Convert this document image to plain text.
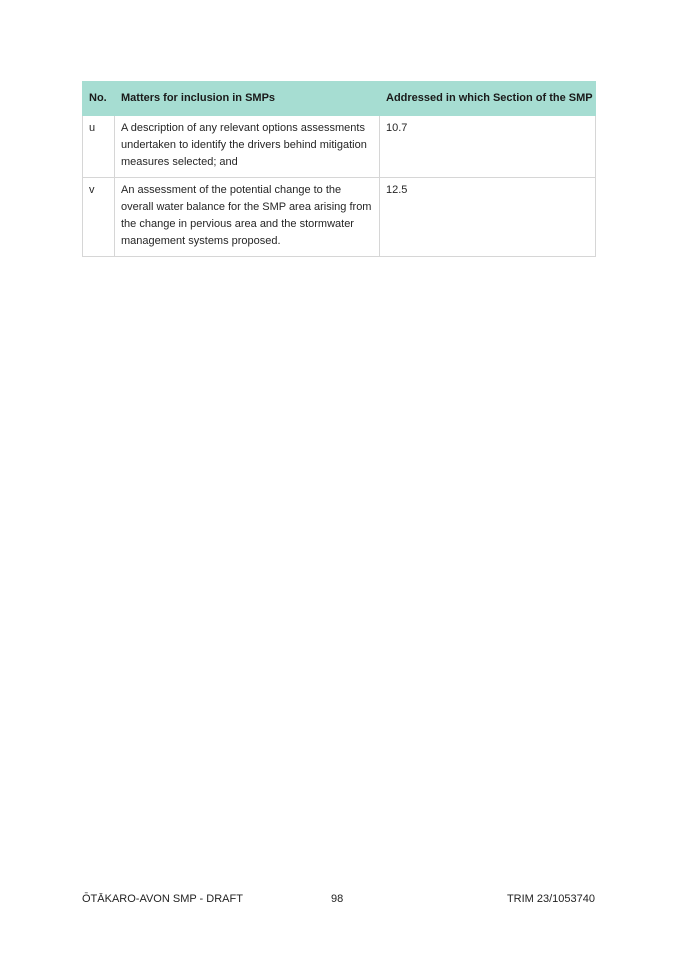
No.	Matters for inclusion in SMPs	Addressed in which Section of the SMP
u	A description of any relevant options assessments undertaken to identify the drivers behind mitigation measures selected; and	10.7
v	An assessment of the potential change to the overall water balance for the SMP area arising from the change in pervious area and the stormwater management systems proposed.	12.5
ŌTĀKARO-AVON SMP - DRAFT	98	TRIM 23/1053740
